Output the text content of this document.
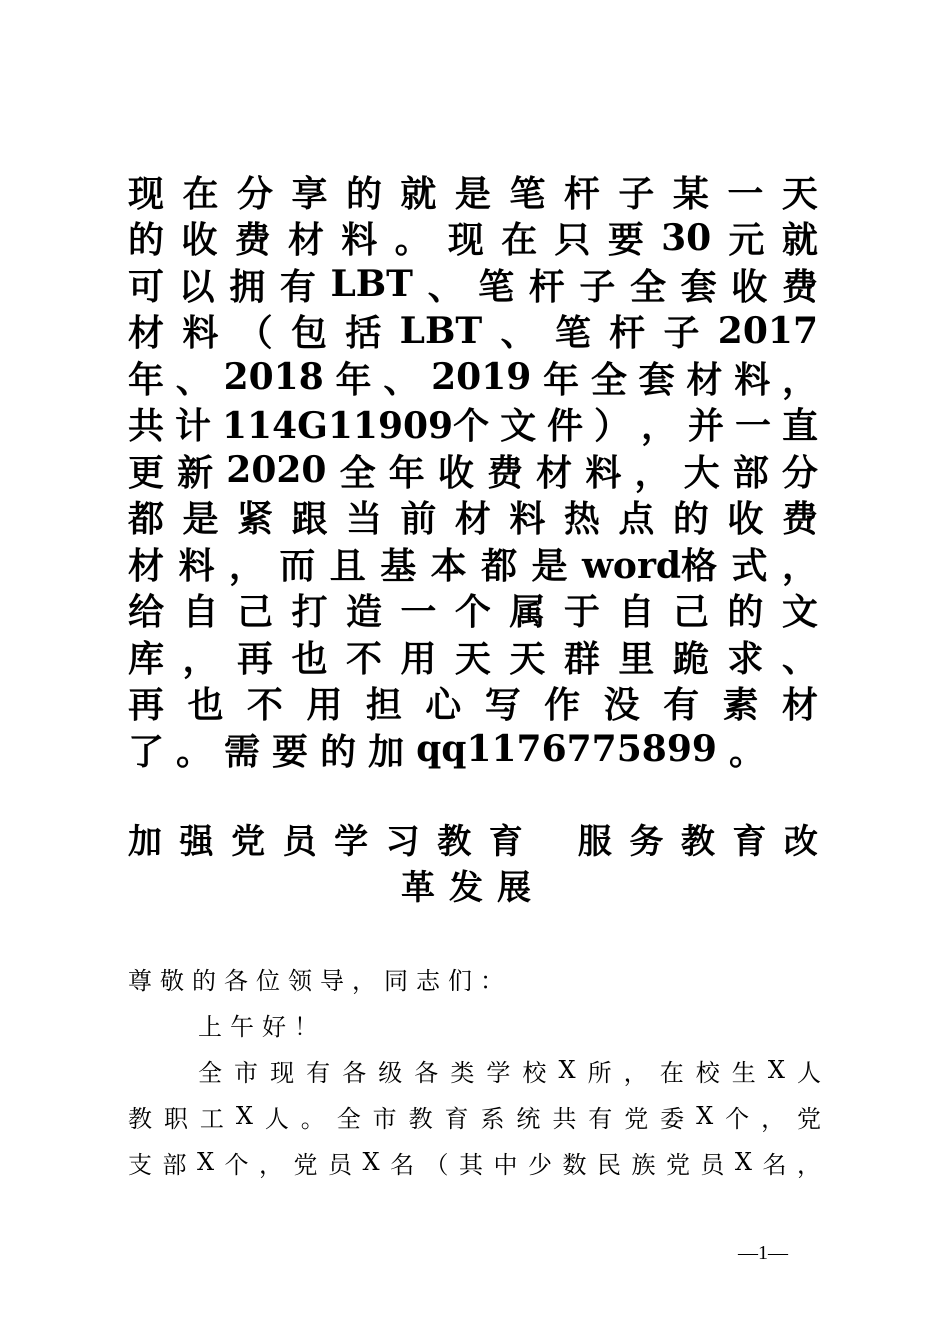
现 在 分 享 的 就 是 笔 杆 子 某 一 天
的 收 费 材 料 。 现 在 只 要 30 元 就
可 以 拥 有 LBT 、 笔 杆 子 全 套 收 费
材 料 （ 包 括 LBT 、 笔 杆 子 2017
年 、 2018 年 、 2019 年 全 套 材 料 ，
共 计 114G11909个 文 件 ） ， 并 一 直
更 新 2020 全 年 收 费 材 料 ， 大 部 分
都 是 紧 跟 当 前 材 料 热 点 的 收 费
材 料 ， 而 且 基 本 都 是 word格 式 ，
给 自 己 打 造 一 个 属 于 自 己 的 文
库 ， 再 也 不 用 天 天 群 里 跪 求 、
再 也 不 用 担 心 写 作 没 有 素 材
了 。 需 要 的 加 qq1176775899 。
加 强 党 员 学 习 教 育 服 务 教 育 改
革发展
尊敬的各位领导，同志们：
上午好！
全 市 现 有 各 级 各 类 学 校 X 所 ， 在 校 生 X 人
教 职 工 X 人 。 全 市 教 育 系 统 共 有 党 委 X 个 ， 党
支 部 X 个 ， 党 员 X 名 （ 其 中 少 数 民 族 党 员 X 名 ，
—1—
